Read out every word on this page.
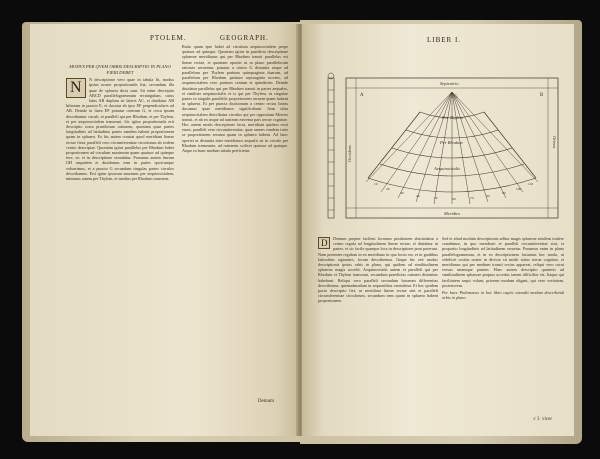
PTOLEM.	GEOGRAPH.
MODVS PER QVEM ORBIS DESCRIPTIO IN PLANO FIERI DEBET
N N descriptione vero quae in tabula fit, modus ipsius noster proportionalis fiat, secundum illa quae de sphaera dicta sunt. Sit enim descriptio ABCD parallelogrammum rectangulum, cuius latus AB duplum sit lateris AC, et diuidatur AB bifariam in puncto E, et ducatur ab ipso EF perpendicularis ad AB. Deinde in linea EF ponatur centrum G, et circa ipsum describantur circuli, et paralleli qui per Rhodum, et per Thylem, et per aequinoctialem transeunt. Sic igitur proportionalis erit descriptio iuxta praedictam rationem, quoniam quae partes longitudinis ad latitudinis partes eandem habent proportionem quam in sphaera. Ex his autem constat quod meridiani lineae rectae fient, paralleli vero circumferentiae circulorum ab eodem centro descriptae. Quoniam igitur parallelus per Rhodum habet proportionem ad circulum maximum quam quatuor ad quinque fere, sic et in descriptione seruabitur. Ponamus autem lineam GH aequalem et diuidamus eam in partes quotcunque voluerimus, et a puncto G secundum singulas partes circulos describamus. Erit igitur ipsorum maximus per aequinoctialem, minimus autem per Thylem, et medius per Rhodum transiens.
Ratio quam ipse habet ad circulum aequinoctialem prope quatuor ad quinque. Quoniam igitur in praedicta descriptione sphaerae meridianus qui per Rhodum transit parallelus est lineae rectae, et quoniam oportet ut in plano parallelorum rationes seruentur, ponatur a centro G distantia usque ad parallelum per Thylem partium quinquaginta duarum, ad parallelum per Rhodum partium septuaginta novem, ad aequinoctialem vero partium centum et quindecim. Deinde diuidatur parallelus qui per Rhodum transit in partes aequales, et similiter aequinoctialis et is qui per Thylem, ut singulae partes in singulis parallelis proportionem seruent quam habent in sphaera. Et per puncta diuisionum a centro rectas lineas ducamus quae meridianos significabunt. Item ultra aequinoctialem describatur circulus qui per oppositum Meroes transit, et ab eo usque ad austrum extrema pars terrae cognitae. Hoc autem modo descriptione facta, meridiani quidem recti erunt, paralleli vero circumferentiae, quae omnes eandem inter se proportionem seruant quam in sphaera habent. Ad haec oportet ut distantia inter meridianos aequalis sit in circulo per Rhodum transeunte, ad rationem scilicet quatuor ad quinque. Atque in hunc modum tabula perficietur.
Demum
LIBER I.
10
20
30
40	50	60	70	80
90
100
110
Per Thylem
Per Rhodum
Aequinoctialis
Meridies
Septentrio
Occidens
Oriens
A	B
G
D Demum propter facilem locorum positionem abscindatur a centro regula ad longitudinem lineae rectae, et diuidatur in partes, et sic facile quaeque loca in descriptione poni poterunt. Nam ponentes regulam in eo meridiano in quo locus est, et in gradibus latitudinis signantes, locum describemus. Itaque hic erit modus descriptionis ipsius orbis in plano, qui quidem ad similitudinem sphaerae magis accedit. Aequinoctialis autem et paralleli qui per Rhodum et Thylem transeunt, secundum praedictas rationes distantias habebunt. Reliqui vero paralleli secundum horarum differentias describentur, quemadmodum in sequentibus ostendetur. Et hoc quidem pacto descriptio fiet, ut meridiani lineae rectae sint et paralleli circumferentiae circulorum, secundum eam quam in sphaera habent proportionem.
Sed et aliud modum descriptionis adhuc magis sphaerae similem tradere conabimur, in quo meridiani et paralleli circumferentiae sint, et proportio longitudinis ad latitudinem seruetur. Ponamus enim in plano parallelogrammum, et in eo descriptionem faciamus hoc modo, ut videlicet oculus noster in directo sit medii totius terrae cognitae, et meridianus qui per medium transit rectus appareat, reliqui vero curui versus utramque partem. Haec autem descriptio quamvis ad similitudinem sphaerae propius accedat, tamen difficilior est. Itaque qui facilitatem sequi volunt, priorem modum eligant, qui vero veritatem, posteriorem.
Per haec Ptolemaeus in hoc libro capite ostendit modum describendi orbis in plano.
c 3 vicer
